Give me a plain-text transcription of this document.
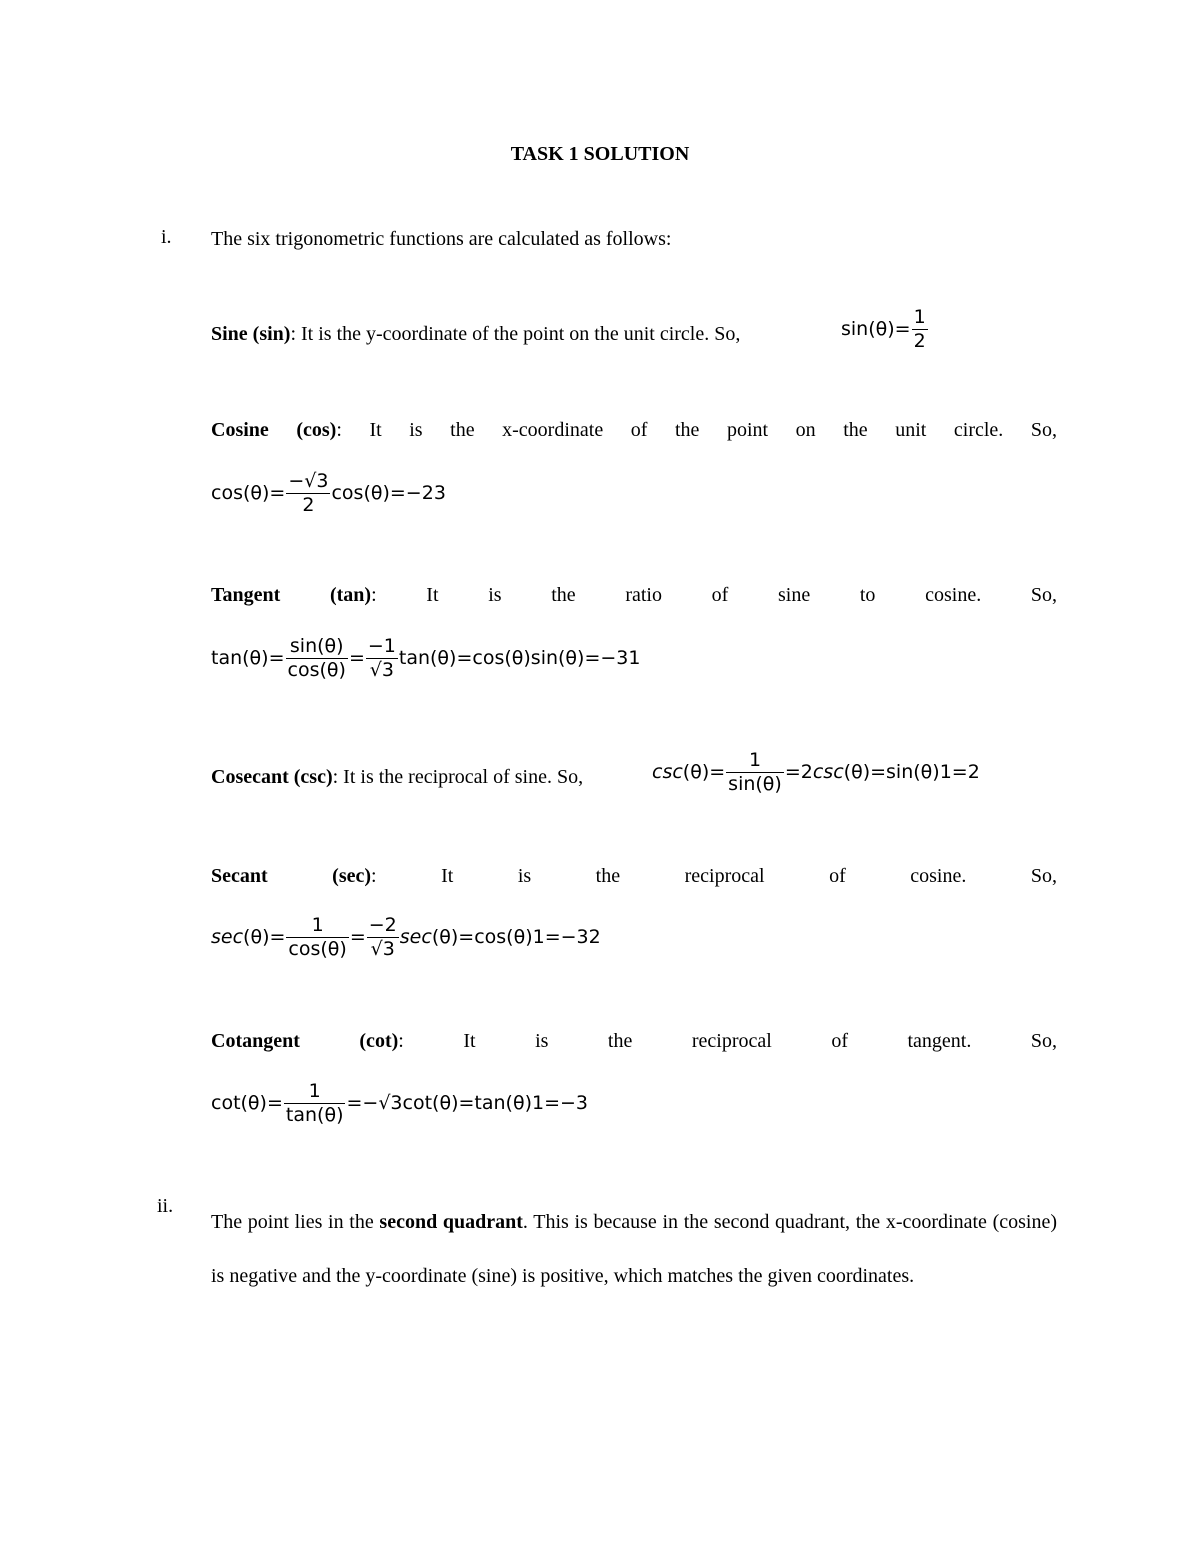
TASK 1 SOLUTION
i. The six trigonometric functions are calculated as follows:
Sine (sin): It is the y-coordinate of the point on the unit circle. So,	$\sin(\theta)= \frac{1}{2}$
Cosine (cos): It is the x-coordinate of the point on the unit circle. So,
$\cos(\theta)= \frac{-√3}{2} \cos(\theta)=-23$
Tangent (tan): It is the ratio of sine to cosine. So,
$\tan(\theta)= \frac{\sin(\theta)}{\cos(\theta)} = \frac{-1}{√3} \tan(\theta)=\cos(\theta)\sin(\theta)=-31$
Cosecant (csc): It is the reciprocal of sine. So,	$\csc(\theta)= \frac{1}{\sin(\theta)} =2\csc(\theta)=\sin(\theta)1=2$
Secant (sec): It is the reciprocal of cosine. So,
$\sec(\theta)= \frac{1}{\cos(\theta)} = \frac{-2}{√3} \sec(\theta)=\cos(\theta)1=-32$
Cotangent (cot): It is the reciprocal of tangent. So,
$\cot(\theta)= \frac{1}{\tan(\theta)} =-√3\cot(\theta)=\tan(\theta)1=-3$
ii.
The point lies in the second quadrant. This is because in the second quadrant, the x-coordinate (cosine) is negative and the y-coordinate (sine) is positive, which matches the given coordinates.
